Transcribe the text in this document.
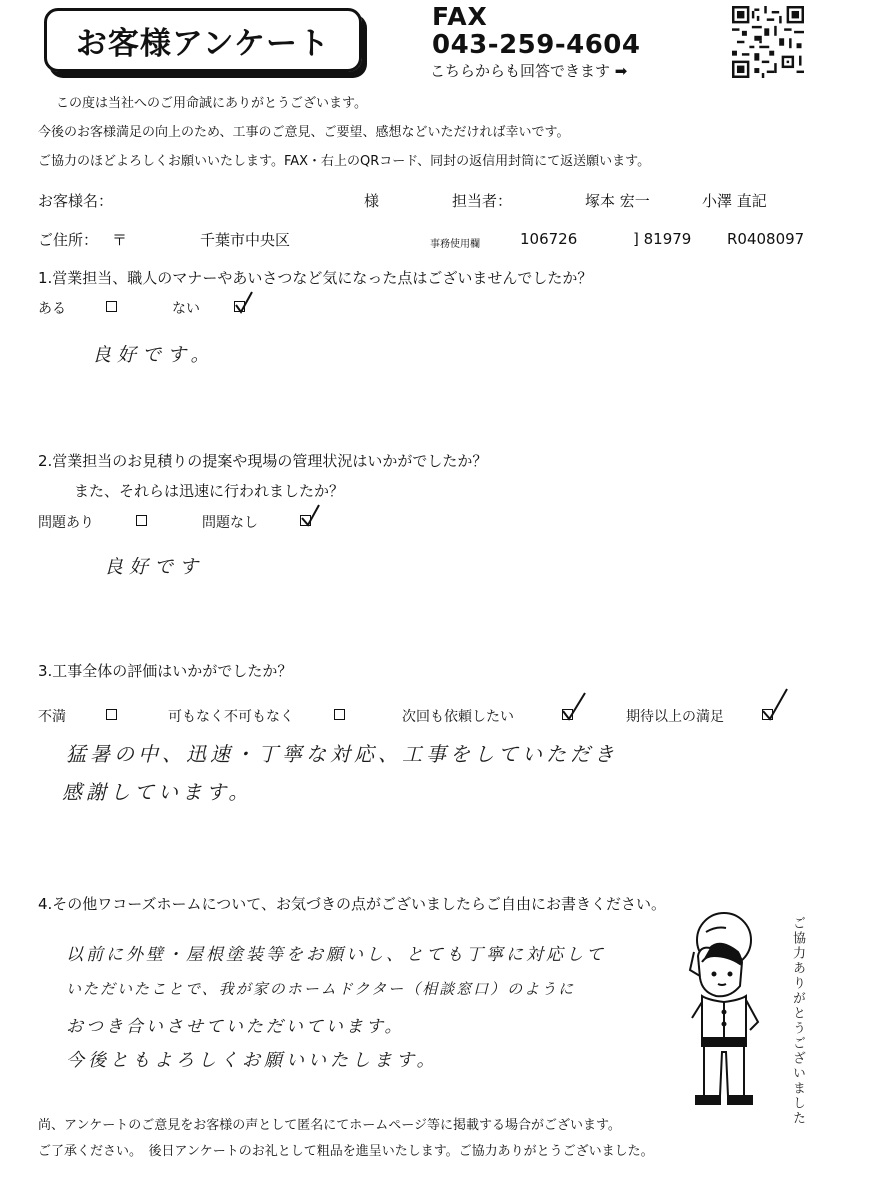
お客様アンケート
FAX
043-259-4604
こちらからも回答できます ➡
この度は当社へのご用命誠にありがとうございます。
今後のお客様満足の向上のため、工事のご意見、ご要望、感想などいただければ幸いです。
ご協力のほどよろしくお願いいたします。FAX・右上のQRコード、同封の返信用封筒にて返送願います。
お客様名：	様	担当者：	塚本 宏一	小澤 直記
ご住所： 〒	千葉市中央区	事務使用欄	106726	] 81979 R0408097
1.営業担当、職人のマナーやあいさつなど気になった点はございませんでしたか？
ある	ない
良好です。
2.営業担当のお見積りの提案や現場の管理状況はいかがでしたか？
また、それらは迅速に行われましたか？
問題あり	問題なし
良好です
3.工事全体の評価はいかがでしたか？
不満	可もなく不可もなく	次回も依頼したい	期待以上の満足
猛暑の中、迅速・丁寧な対応、工事をしていただき
感謝しています。
4.その他ワコーズホームについて、お気づきの点がございましたらご自由にお書きください。
以前に外壁・屋根塗装等をお願いし、とても丁寧に対応して
いただいたことで、我が家のホームドクター（相談窓口）のように
おつき合いさせていただいています。
今後ともよろしくお願いいたします。	ご協力ありがとうございました
尚、アンケートのご意見をお客様の声として匿名にてホームページ等に掲載する場合がございます。
ご了承ください。　後日アンケートのお礼として粗品を進呈いたします。ご協力ありがとうございました。
